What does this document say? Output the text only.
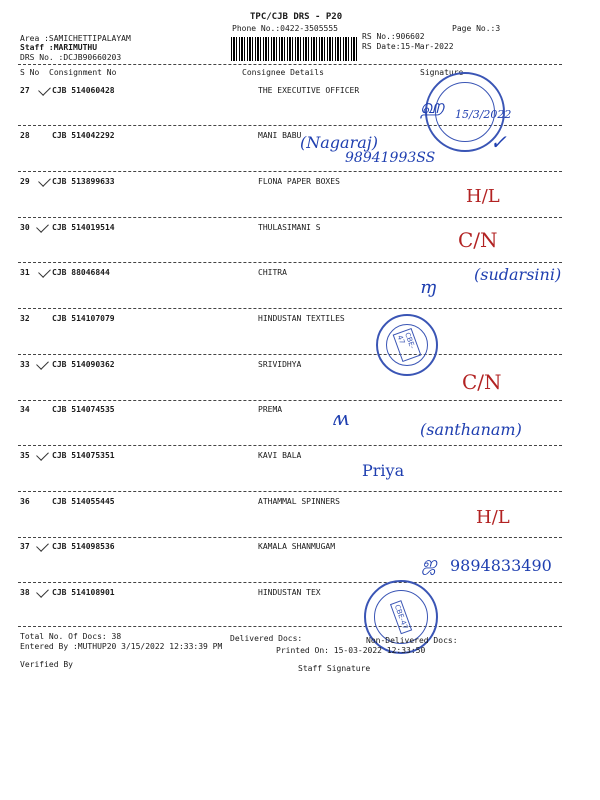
TPC/CJB DRS - P20
Phone No.:0422-3505555	Page No.:3
Area :SAMICHETTIPALAYAM
Staff :MARIMUTHU
DRS No. :DCJB90660203
RS No.:906602
RS Date:15-Mar-2022
S No Consignment No	Consignee Details	Signature
27	CJB 514060428	THE EXECUTIVE OFFICER
28	CJB 514042292	MANI BABU
29	CJB 513899633	FLONA PAPER BOXES
30	CJB 514019514	THULASIMANI S
31	CJB 88046844	CHITRA
32	CJB 514107079	HINDUSTAN TEXTILES
33	CJB 514090362	SRIVIDHYA
34	CJB 514074535	PREMA
35	CJB 514075351	KAVI BALA
36	CJB 514055445	ATHAMMAL SPINNERS
37	CJB 514098536	KAMALA SHANMUGAM
38	CJB 514108901	HINDUSTAN TEX
ஹ 15/3/2022
✓
(Nagaraj)
98941993SS
H/L
C/N
ɱ
(sudarsini)
CBE-47
C/N
ʍ	(santhanam)
Priya
H/L
ஜ 9894833490
CBE-47
Total No. Of Docs: 38	Delivered Docs:	Non-Delivered Docs:
Entered By :MUTHUP20 3/15/2022 12:33:39 PM	Printed On: 15-03-2022 12:33:50
Verified By	Staff Signature
